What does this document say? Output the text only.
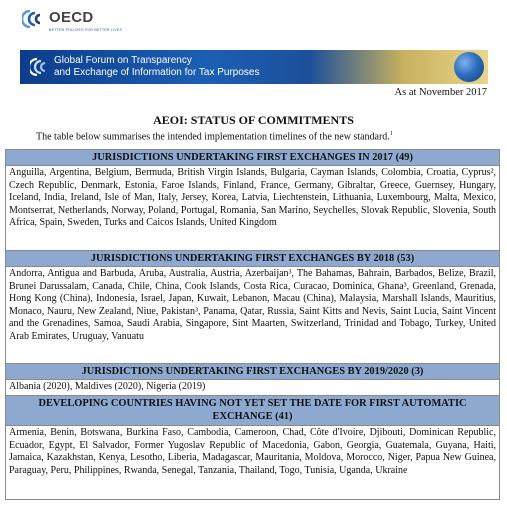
OECD
BETTER POLICIES FOR BETTER LIVES
Global Forum on Transparency
and Exchange of Information for Tax Purposes
As at November 2017
AEOI: STATUS OF COMMITMENTS
The table below summarises the intended implementation timelines of the new standard.$^1$
JURISDICTIONS UNDERTAKING FIRST EXCHANGES IN 2017 (49)
Anguilla, Argentina, Belgium, Bermuda, British Virgin Islands, Bulgaria, Cayman Islands, Colombia, Croatia, Cyprus², Czech Republic, Denmark, Estonia, Faroe Islands, Finland, France, Germany, Gibraltar, Greece, Guernsey, Hungary, Iceland, India, Ireland, Isle of Man, Italy, Jersey, Korea, Latvia, Liechtenstein, Lithuania, Luxembourg, Malta, Mexico, Montserrat, Netherlands, Norway, Poland, Portugal, Romania, San Marino, Seychelles, Slovak Republic, Slovenia, South Africa, Spain, Sweden, Turks and Caicos Islands, United Kingdom
JURISDICTIONS UNDERTAKING FIRST EXCHANGES BY 2018 (53)
Andorra, Antigua and Barbuda, Aruba, Australia, Austria, Azerbaijan³, The Bahamas, Bahrain, Barbados, Belize, Brazil, Brunei Darussalam, Canada, Chile, China, Cook Islands, Costa Rica, Curacao, Dominica, Ghana³, Greenland, Grenada, Hong Kong (China), Indonesia, Israel, Japan, Kuwait, Lebanon, Macau (China), Malaysia, Marshall Islands, Mauritius, Monaco, Nauru, New Zealand, Niue, Pakistan³, Panama, Qatar, Russia, Saint Kitts and Nevis, Saint Lucia, Saint Vincent and the Grenadines, Samoa, Saudi Arabia, Singapore, Sint Maarten, Switzerland, Trinidad and Tobago, Turkey, United Arab Emirates, Uruguay, Vanuatu
JURISDICTIONS UNDERTAKING FIRST EXCHANGES BY 2019/2020 (3)
Albania (2020), Maldives (2020), Nigeria (2019)
DEVELOPING COUNTRIES HAVING NOT YET SET THE DATE FOR FIRST AUTOMATIC EXCHANGE (41)
Armenia, Benin, Botswana, Burkina Faso, Cambodia, Cameroon, Chad, Côte d'Ivoire, Djibouti, Dominican Republic, Ecuador, Egypt, El Salvador, Former Yugoslav Republic of Macedonia, Gabon, Georgia, Guatemala, Guyana, Haiti, Jamaica, Kazakhstan, Kenya, Lesotho, Liberia, Madagascar, Mauritania, Moldova, Morocco, Niger, Papua New Guinea, Paraguay, Peru, Philippines, Rwanda, Senegal, Tanzania, Thailand, Togo, Tunisia, Uganda, Ukraine
